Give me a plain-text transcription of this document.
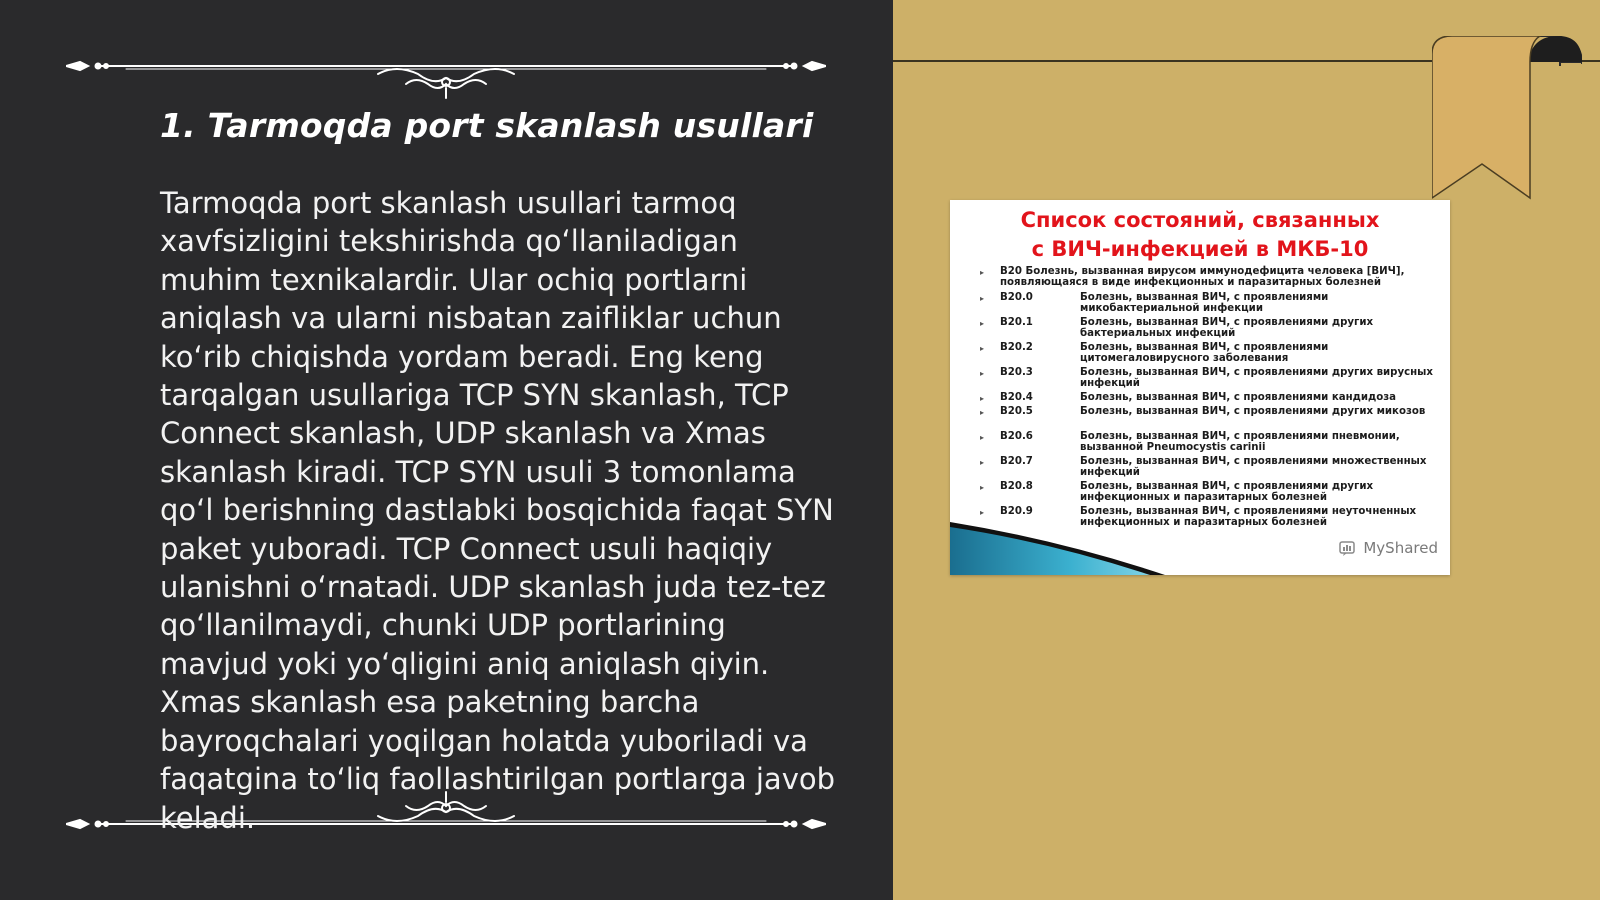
1. Tarmoqda port skanlash usullari

Tarmoqda port skanlash usullari tarmoq xavfsizligini tekshirishda qo‘llaniladigan muhim texnikalardir. Ular ochiq portlarni aniqlash va ularni nisbatan zaifliklar uchun ko‘rib chiqishda yordam beradi. Eng keng tarqalgan usullariga TCP SYN skanlash, TCP Connect skanlash, UDP skanlash va Xmas skanlash kiradi. TCP SYN usuli 3 tomonlama qo‘l berishning dastlabki bosqichida faqat SYN paket yuboradi. TCP Connect usuli haqiqiy ulanishni o‘rnatadi. UDP skanlash juda tez-tez qo‘llanilmaydi, chunki UDP portlarining mavjud yoki yo‘qligini aniq aniqlash qiyin. Xmas skanlash esa paketning barcha bayroqchalari yoqilgan holatda yuboriladi va faqatgina to‘liq faollashtirilgan portlarga javob keladi.

Список состояний, связанных
с ВИЧ-инфекцией в МКБ-10
▸ B20 Болезнь, вызванная вирусом иммунодефицита человека [ВИЧ], появляющаяся в виде инфекционных и паразитарных болезней
▸ B20.0	Болезнь, вызванная ВИЧ, с проявлениями микобактериальной инфекции
▸ B20.1	Болезнь, вызванная ВИЧ, с проявлениями других бактериальных инфекций
▸ B20.2	Болезнь, вызванная ВИЧ, с проявлениями цитомегаловирусного заболевания
▸ B20.3	Болезнь, вызванная ВИЧ, с проявлениями других вирусных инфекций
▸ B20.4	Болезнь, вызванная ВИЧ, с проявлениями кандидоза
▸ B20.5	Болезнь, вызванная ВИЧ, с проявлениями других микозов
▸ B20.6	Болезнь, вызванная ВИЧ, с проявлениями пневмонии, вызванной Pneumocystis carinii
▸ B20.7	Болезнь, вызванная ВИЧ, с проявлениями множественных инфекций
▸ B20.8	Болезнь, вызванная ВИЧ, с проявлениями других инфекционных и паразитарных болезней
▸ B20.9	Болезнь, вызванная ВИЧ, с проявлениями неуточненных инфекционных и паразитарных болезней
MyShared
